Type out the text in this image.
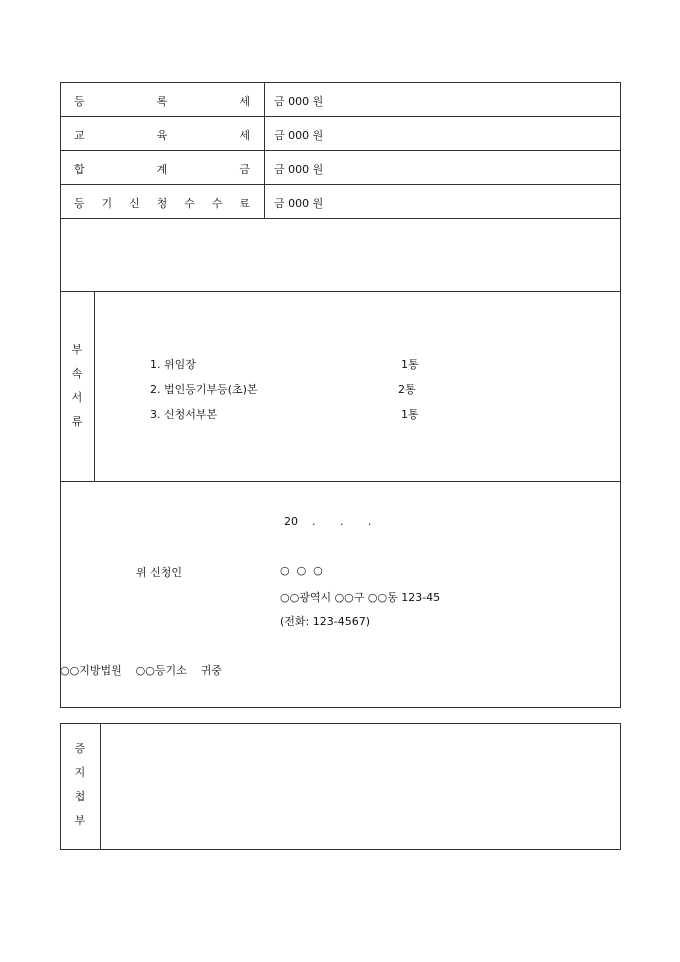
등	록	세 금 000 원
교	육	세 금 000 원
합	계	금 금 000 원
등 기 신 청 수 수 료 금 000 원
부
속
서
류
1. 위임장	1통
2. 법인등기부등(초)본	2통
3. 신청서부본	1통
20    .       .       .
위 신청인	○  ○  ○
○○광역시 ○○구 ○○동 123-45
(전화: 123-4567)
○○지방법원    ○○등기소    귀중
증
지
첩
부
